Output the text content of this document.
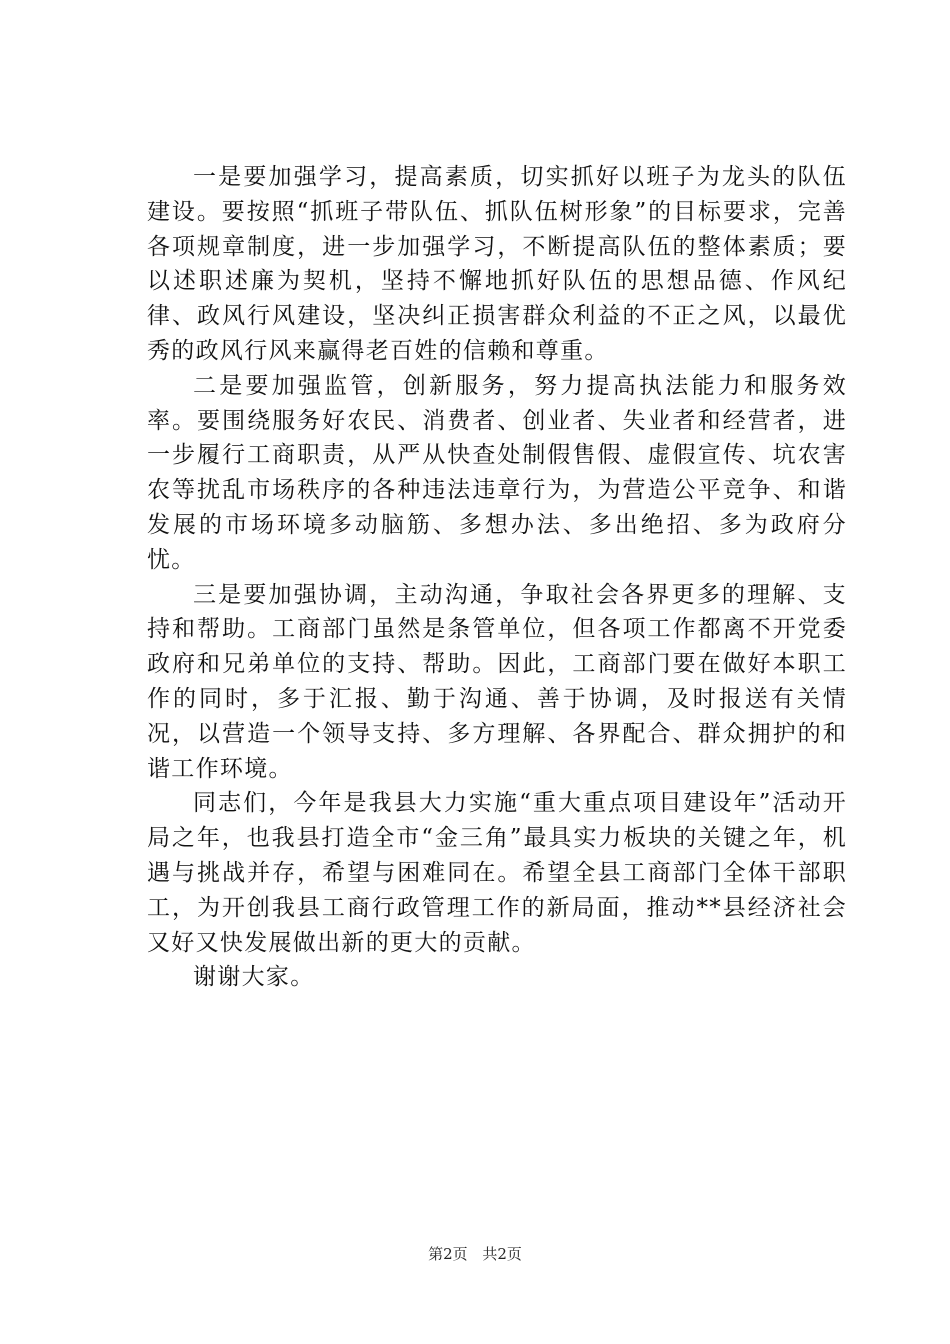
一是要加强学习，提高素质，切实抓好以班子为龙头的队伍建设。要按照“抓班子带队伍、抓队伍树形象”的目标要求，完善各项规章制度，进一步加强学习，不断提高队伍的整体素质；要以述职述廉为契机，坚持不懈地抓好队伍的思想品德、作风纪律、政风行风建设，坚决纠正损害群众利益的不正之风，以最优秀的政风行风来赢得老百姓的信赖和尊重。

二是要加强监管，创新服务，努力提高执法能力和服务效率。要围绕服务好农民、消费者、创业者、失业者和经营者，进一步履行工商职责，从严从快查处制假售假、虚假宣传、坑农害农等扰乱市场秩序的各种违法违章行为，为营造公平竞争、和谐发展的市场环境多动脑筋、多想办法、多出绝招、多为政府分忧。

三是要加强协调，主动沟通，争取社会各界更多的理解、支持和帮助。工商部门虽然是条管单位，但各项工作都离不开党委政府和兄弟单位的支持、帮助。因此，工商部门要在做好本职工作的同时，多于汇报、勤于沟通、善于协调，及时报送有关情况，以营造一个领导支持、多方理解、各界配合、群众拥护的和谐工作环境。

同志们，今年是我县大力实施“重大重点项目建设年”活动开局之年，也我县打造全市“金三角”最具实力板块的关键之年，机遇与挑战并存，希望与困难同在。希望全县工商部门全体干部职工，为开创我县工商行政管理工作的新局面，推动**县经济社会又好又快发展做出新的更大的贡献。

谢谢大家。

第2页 共2页
